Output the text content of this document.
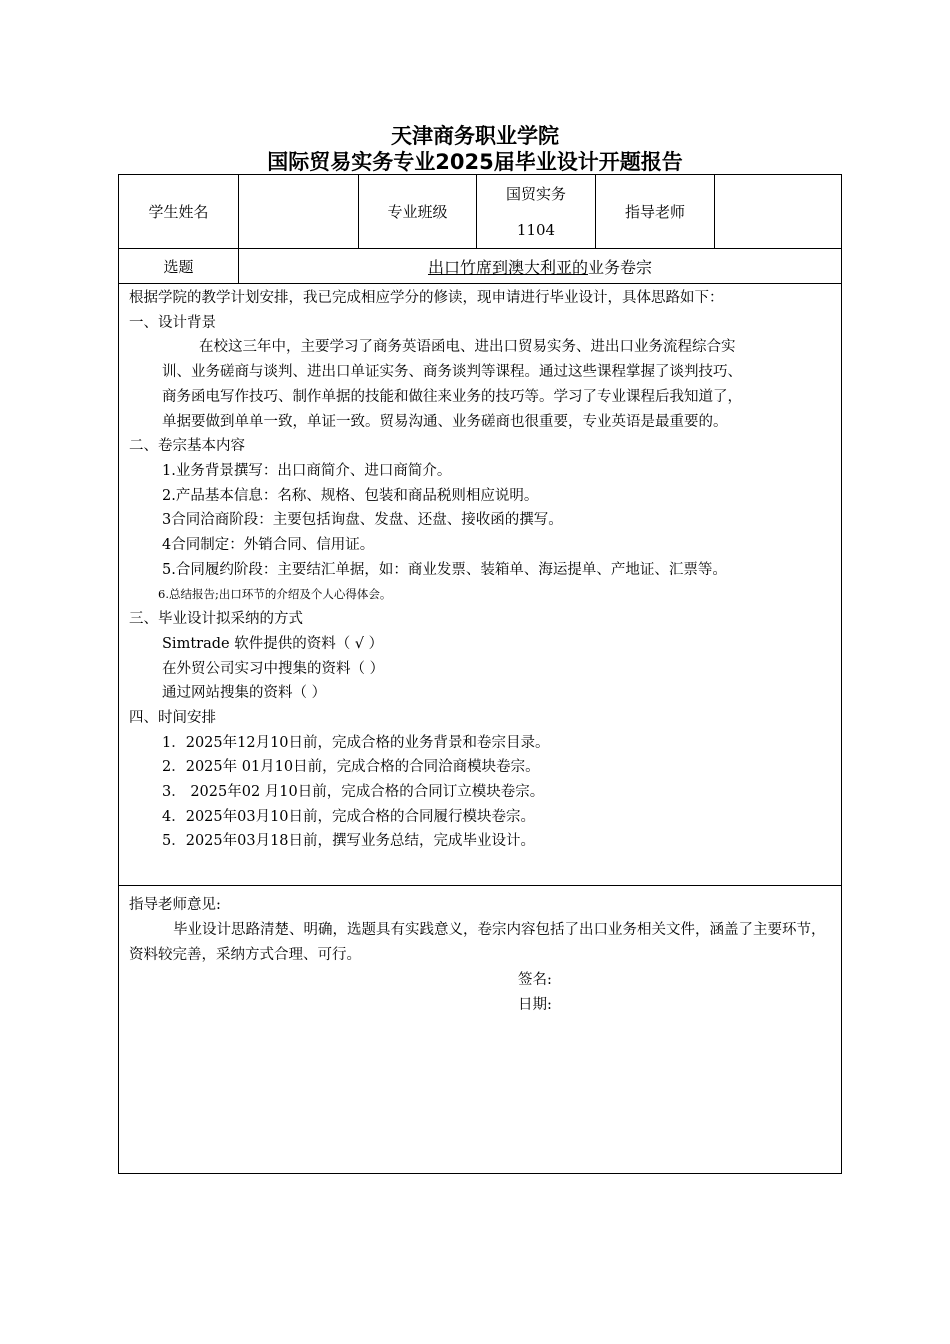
天津商务职业学院
国际贸易实务专业2025届毕业设计开题报告
学生姓名	专业班级
国贸实务
1104
指导老师
选题	出口竹席到澳大利亚的 业务卷宗

根据学院的教学计划安排，我已完成相应学分的修读，现申请进行毕业设计，具体思路如下：

一、设计背景

在校这三年中，主要学习了商务英语函电、进出口贸易实务、进出口业务流程综合实

训、业务磋商与谈判、进出口单证实务、商务谈判等课程。通过这些课程掌握了谈判技巧、

商务函电写作技巧、制作单据的技能和做往来业务的技巧等。学习了专业课程后我知道了，

单据要做到单单一致，单证一致。贸易沟通、业务磋商也很重要，专业英语是最重要的。

二、卷宗基本内容

1.业务背景撰写：出口商简介、进口商简介。

2.产品基本信息：名称、规格、包装和商品税则相应说明。

3合同洽商阶段：主要包括询盘、发盘、还盘、接收函的撰写。

4合同制定：外销合同、信用证。

5.合同履约阶段：主要结汇单据，如：商业发票、装箱单、海运提单、产地证、汇票等。

6.总结报告;出口环节的介绍及个人心得体会。

三、毕业设计拟采纳的方式

Simtrade 软件提供的资料（ √ ）

在外贸公司实习中搜集的资料（ ）

通过网站搜集的资料（ ）

四、时间安排

1．2025年12月10日前，完成合格的业务背景和卷宗目录。

2．2025年 01月10日前，完成合格的合同洽商模块卷宗。

3． 2025年02 月10日前，完成合格的合同订立模块卷宗。

4．2025年03月10日前，完成合格的合同履行模块卷宗。

5．2025年03月18日前，撰写业务总结，完成毕业设计。

指导老师意见:

毕业设计思路清楚、明确，选题具有实践意义，卷宗内容包括了出口业务相关文件，涵盖了主要环节，资料较完善，采纳方式合理、可行。

签名:

日期:
